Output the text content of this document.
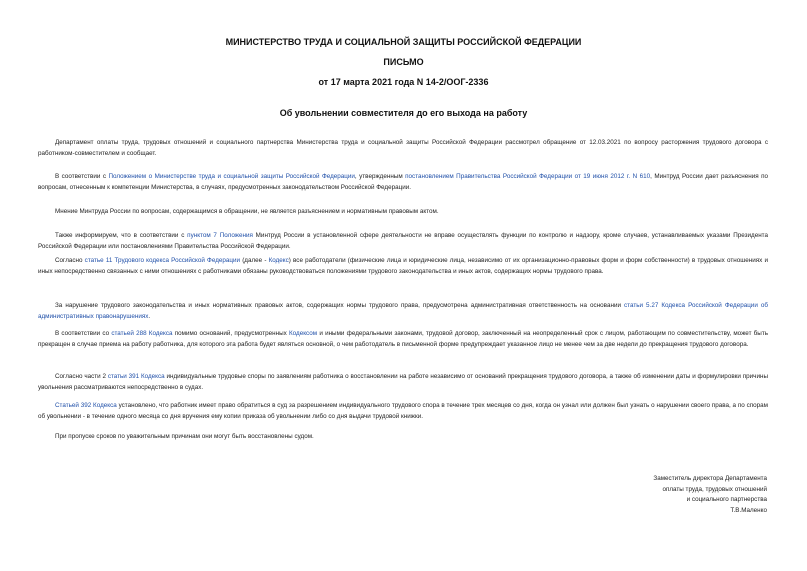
МИНИСТЕРСТВО ТРУДА И СОЦИАЛЬНОЙ ЗАЩИТЫ РОССИЙСКОЙ ФЕДЕРАЦИИ
ПИСЬМО
от 17 марта 2021 года N 14-2/ООГ-2336
Об увольнении совместителя до его выхода на работу

Департамент оплаты труда, трудовых отношений и социального партнерства Министерства труда и социальной защиты Российской Федерации рассмотрел обращение от 12.03.2021 по вопросу расторжения трудового договора с работником-совместителем и сообщает.

В соответствии с Положением о Министерстве труда и социальной защиты Российской Федерации, утвержденным постановлением Правительства Российской Федерации от 19 июня 2012 г. N 610, Минтруд России дает разъяснения по вопросам, отнесенным к компетенции Министерства, в случаях, предусмотренных законодательством Российской Федерации.

Мнение Минтруда России по вопросам, содержащимся в обращении, не является разъяснением и нормативным правовым актом.

Также информируем, что в соответствии с пунктом 7 Положения Минтруд России в установленной сфере деятельности не вправе осуществлять функции по контролю и надзору, кроме случаев, устанавливаемых указами Президента Российской Федерации или постановлениями Правительства Российской Федерации.

Согласно статье 11 Трудового кодекса Российской Федерации (далее - Кодекс) все работодатели (физические лица и юридические лица, независимо от их организационно-правовых форм и форм собственности) в трудовых отношениях и иных непосредственно связанных с ними отношениях с работниками обязаны руководствоваться положениями трудового законодательства и иных актов, содержащих нормы трудового права.

За нарушение трудового законодательства и иных нормативных правовых актов, содержащих нормы трудового права, предусмотрена административная ответственность на основании статьи 5.27 Кодекса Российской Федерации об административных правонарушениях.

В соответствии со статьей 288 Кодекса помимо оснований, предусмотренных Кодексом и иными федеральными законами, трудовой договор, заключенный на неопределенный срок с лицом, работающим по совместительству, может быть прекращен в случае приема на работу работника, для которого эта работа будет являться основной, о чем работодатель в письменной форме предупреждает указанное лицо не менее чем за две недели до прекращения трудового договора.

Согласно части 2 статьи 391 Кодекса индивидуальные трудовые споры по заявлениям работника о восстановлении на работе независимо от оснований прекращения трудового договора, а также об изменении даты и формулировки причины увольнения рассматриваются непосредственно в судах.

Статьей 392 Кодекса установлено, что работник имеет право обратиться в суд за разрешением индивидуального трудового спора в течение трех месяцев со дня, когда он узнал или должен был узнать о нарушении своего права, а по спорам об увольнении - в течение одного месяца со дня вручения ему копии приказа об увольнении либо со дня выдачи трудовой книжки.

При пропуске сроков по уважительным причинам они могут быть восстановлены судом.

Заместитель директора Департамента
оплаты труда, трудовых отношений
и социального партнерства
Т.В.Маленко
